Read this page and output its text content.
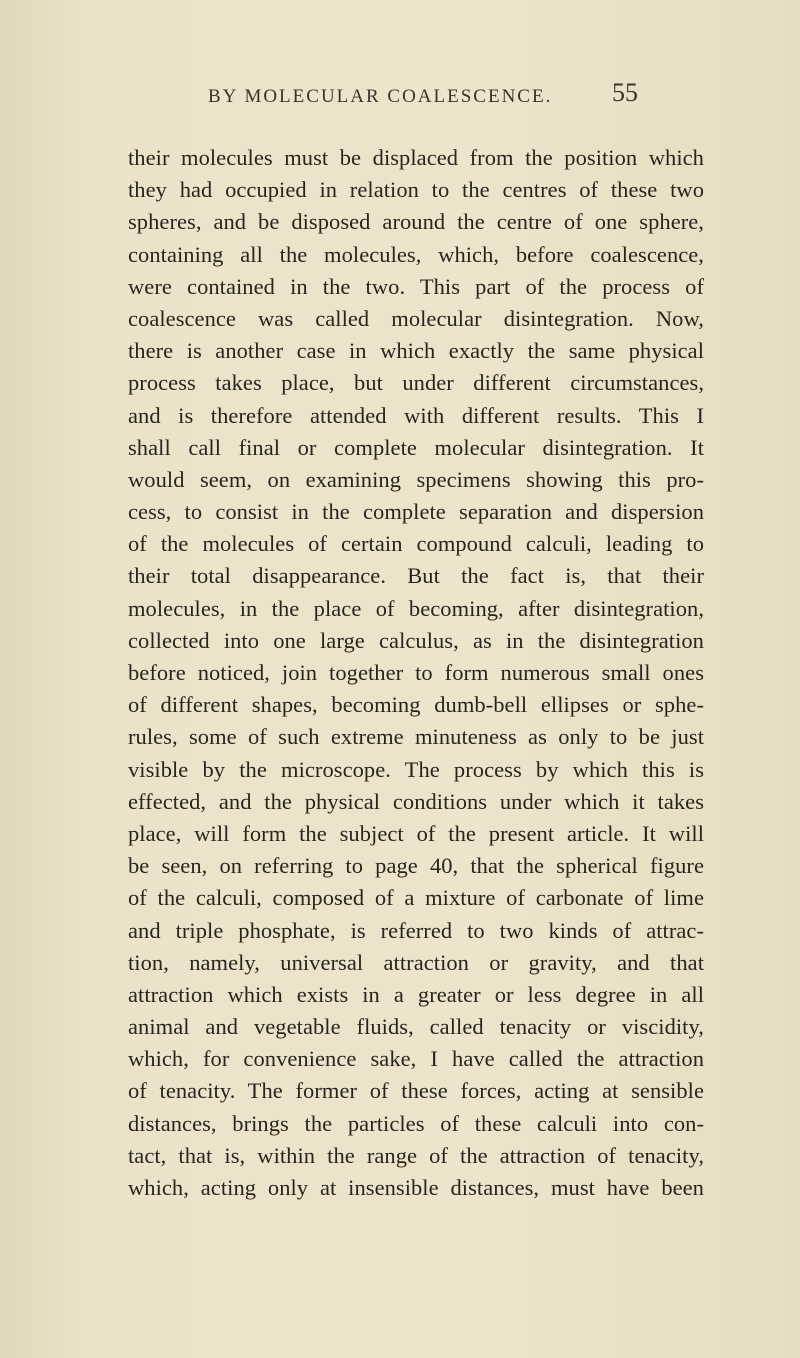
BY MOLECULAR COALESCENCE. 55
their molecules must be displaced from the position which
they had occupied in relation to the centres of these two
spheres, and be disposed around the centre of one sphere,
containing all the molecules, which, before coalescence,
were contained in the two. This part of the process of
coalescence was called molecular disintegration. Now,
there is another case in which exactly the same physical
process takes place, but under different circumstances,
and is therefore attended with different results. This I
shall call final or complete molecular disintegration. It
would seem, on examining specimens showing this pro-
cess, to consist in the complete separation and dispersion
of the molecules of certain compound calculi, leading to
their total disappearance. But the fact is, that their
molecules, in the place of becoming, after disintegration,
collected into one large calculus, as in the disintegration
before noticed, join together to form numerous small ones
of different shapes, becoming dumb-bell ellipses or sphe-
rules, some of such extreme minuteness as only to be just
visible by the microscope. The process by which this is
effected, and the physical conditions under which it takes
place, will form the subject of the present article. It will
be seen, on referring to page 40, that the spherical figure
of the calculi, composed of a mixture of carbonate of lime
and triple phosphate, is referred to two kinds of attrac-
tion, namely, universal attraction or gravity, and that
attraction which exists in a greater or less degree in all
animal and vegetable fluids, called tenacity or viscidity,
which, for convenience sake, I have called the attraction
of tenacity. The former of these forces, acting at sensible
distances, brings the particles of these calculi into con-
tact, that is, within the range of the attraction of tenacity,
which, acting only at insensible distances, must have been
